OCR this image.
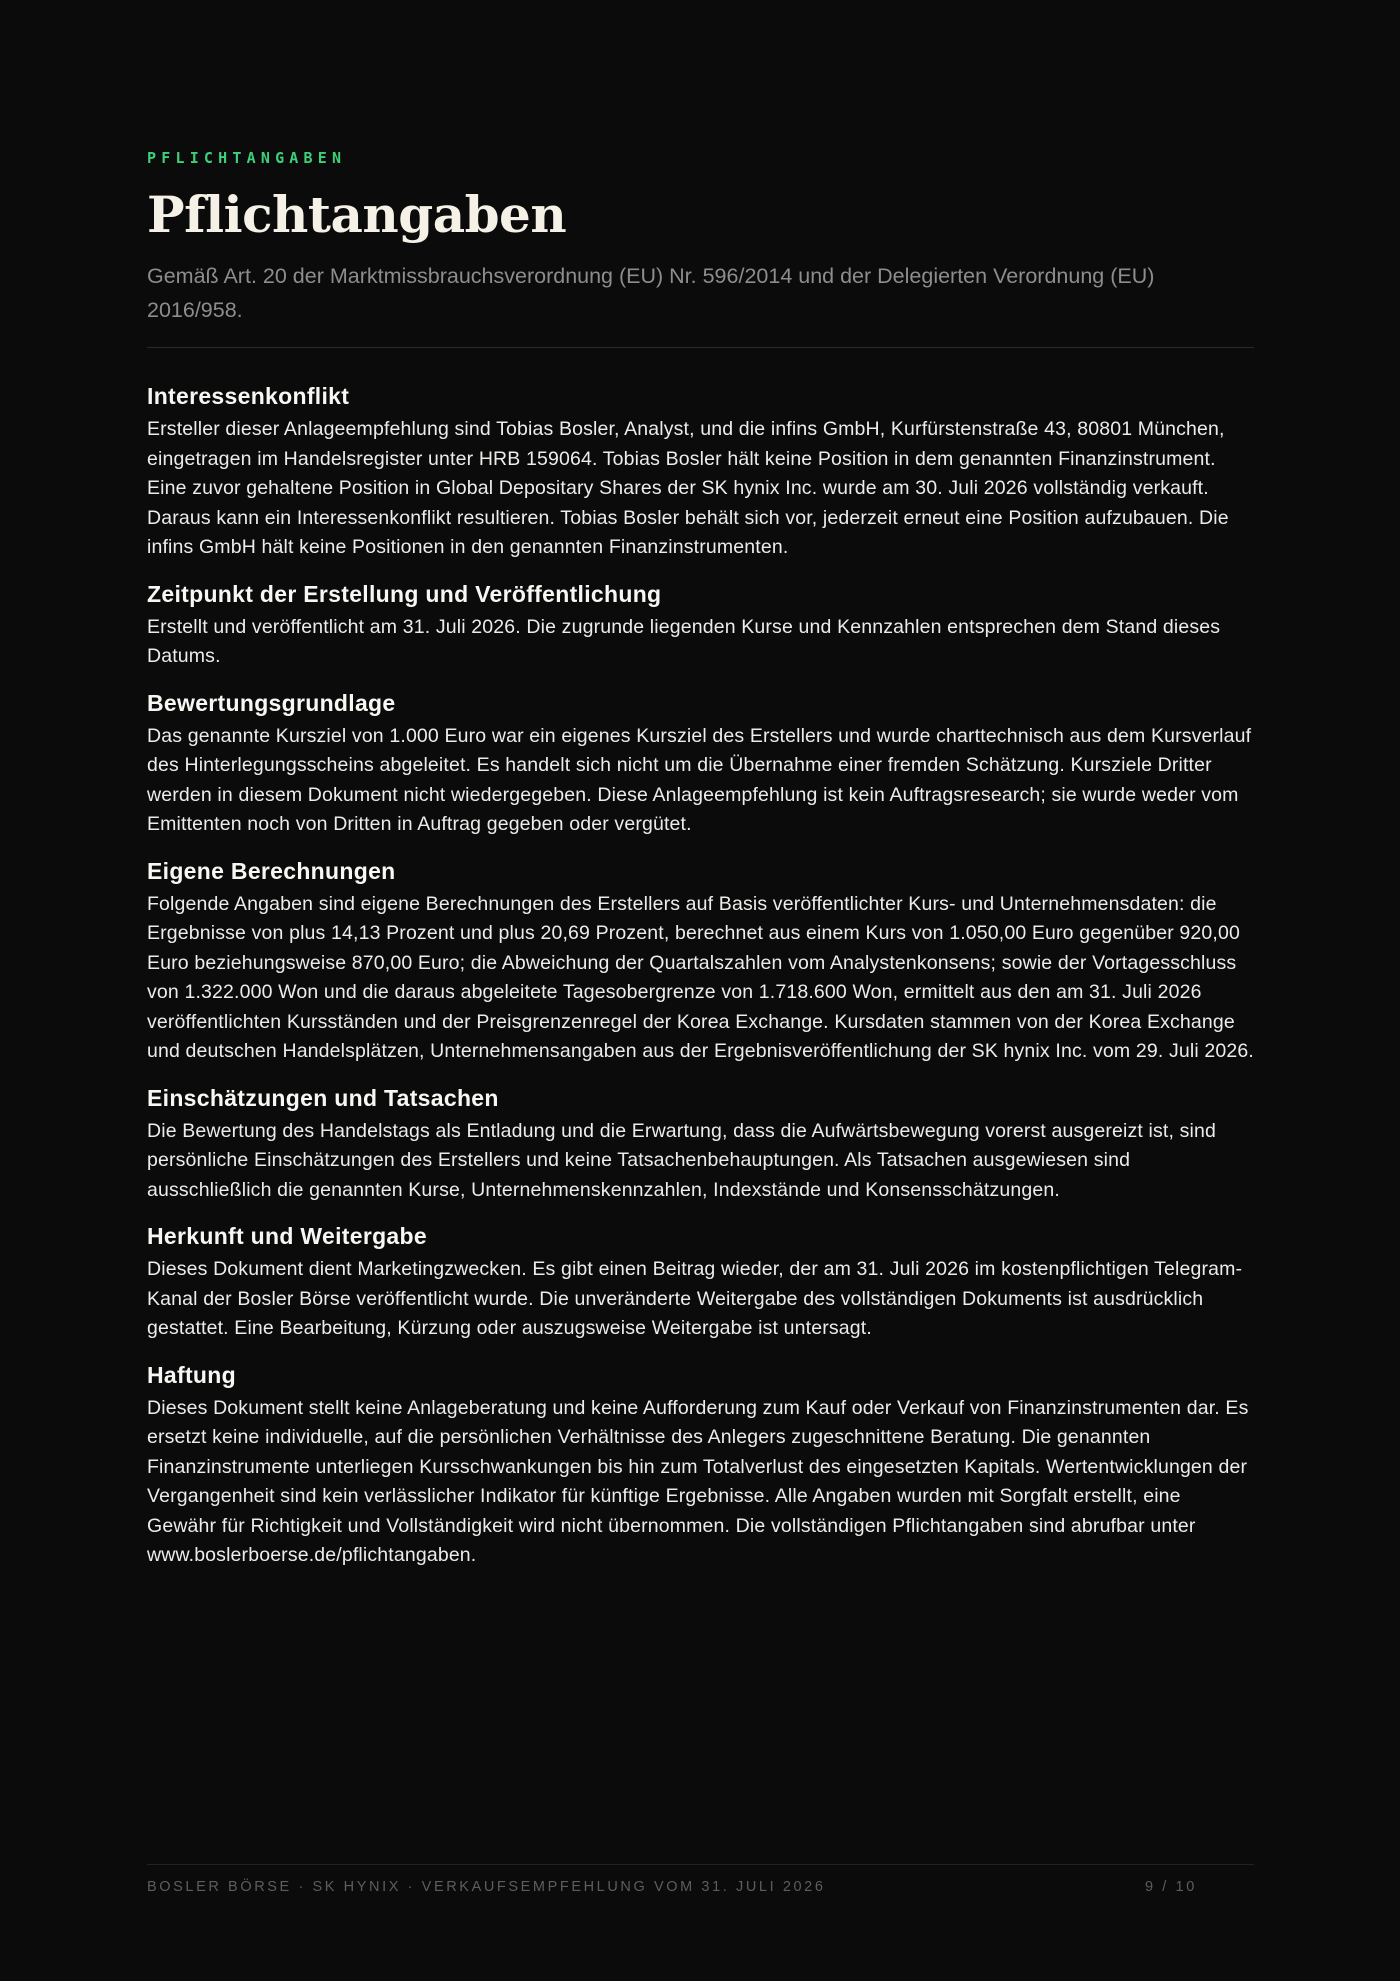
PFLICHTANGABEN
Pflichtangaben

Gemäß Art. 20 der Marktmissbrauchsverordnung (EU) Nr. 596/2014 und der Delegierten Verordnung (EU) 2016/958.

Interessenkonflikt

Ersteller dieser Anlageempfehlung sind Tobias Bosler, Analyst, und die infins GmbH, Kurfürstenstraße 43, 80801 München, eingetragen im Handelsregister unter HRB 159064. Tobias Bosler hält keine Position in dem genannten Finanzinstrument. Eine zuvor gehaltene Position in Global Depositary Shares der SK hynix Inc. wurde am 30. Juli 2026 vollständig verkauft. Daraus kann ein Interessenkonflikt resultieren. Tobias Bosler behält sich vor, jederzeit erneut eine Position aufzubauen. Die infins GmbH hält keine Positionen in den genannten Finanzinstrumenten.

Zeitpunkt der Erstellung und Veröffentlichung

Erstellt und veröffentlicht am 31. Juli 2026. Die zugrunde liegenden Kurse und Kennzahlen entsprechen dem Stand dieses Datums.

Bewertungsgrundlage

Das genannte Kursziel von 1.000 Euro war ein eigenes Kursziel des Erstellers und wurde charttechnisch aus dem Kursverlauf des Hinterlegungsscheins abgeleitet. Es handelt sich nicht um die Übernahme einer fremden Schätzung. Kursziele Dritter werden in diesem Dokument nicht wiedergegeben. Diese Anlageempfehlung ist kein Auftragsresearch; sie wurde weder vom Emittenten noch von Dritten in Auftrag gegeben oder vergütet.

Eigene Berechnungen

Folgende Angaben sind eigene Berechnungen des Erstellers auf Basis veröffentlichter Kurs- und Unternehmensdaten: die Ergebnisse von plus 14,13 Prozent und plus 20,69 Prozent, berechnet aus einem Kurs von 1.050,00 Euro gegenüber 920,00 Euro beziehungsweise 870,00 Euro; die Abweichung der Quartalszahlen vom Analystenkonsens; sowie der Vortagesschluss von 1.322.000 Won und die daraus abgeleitete Tagesobergrenze von 1.718.600 Won, ermittelt aus den am 31. Juli 2026 veröffentlichten Kursständen und der Preisgrenzenregel der Korea Exchange. Kursdaten stammen von der Korea Exchange und deutschen Handelsplätzen, Unternehmensangaben aus der Ergebnisveröffentlichung der SK hynix Inc. vom 29. Juli 2026.

Einschätzungen und Tatsachen

Die Bewertung des Handelstags als Entladung und die Erwartung, dass die Aufwärtsbewegung vorerst ausgereizt ist, sind persönliche Einschätzungen des Erstellers und keine Tatsachenbehauptungen. Als Tatsachen ausgewiesen sind ausschließlich die genannten Kurse, Unternehmenskennzahlen, Indexstände und Konsensschätzungen.

Herkunft und Weitergabe

Dieses Dokument dient Marketingzwecken. Es gibt einen Beitrag wieder, der am 31. Juli 2026 im kostenpflichtigen Telegram-Kanal der Bosler Börse veröffentlicht wurde. Die unveränderte Weitergabe des vollständigen Dokuments ist ausdrücklich gestattet. Eine Bearbeitung, Kürzung oder auszugsweise Weitergabe ist untersagt.

Haftung

Dieses Dokument stellt keine Anlageberatung und keine Aufforderung zum Kauf oder Verkauf von Finanzinstrumenten dar. Es ersetzt keine individuelle, auf die persönlichen Verhältnisse des Anlegers zugeschnittene Beratung. Die genannten Finanzinstrumente unterliegen Kursschwankungen bis hin zum Totalverlust des eingesetzten Kapitals. Wertentwicklungen der Vergangenheit sind kein verlässlicher Indikator für künftige Ergebnisse. Alle Angaben wurden mit Sorgfalt erstellt, eine Gewähr für Richtigkeit und Vollständigkeit wird nicht übernommen. Die vollständigen Pflichtangaben sind abrufbar unter www.boslerboerse.de/pflichtangaben.

BOSLER BÖRSE · SK HYNIX · VERKAUFSEMPFEHLUNG VOM 31. JULI 2026	9 / 10
